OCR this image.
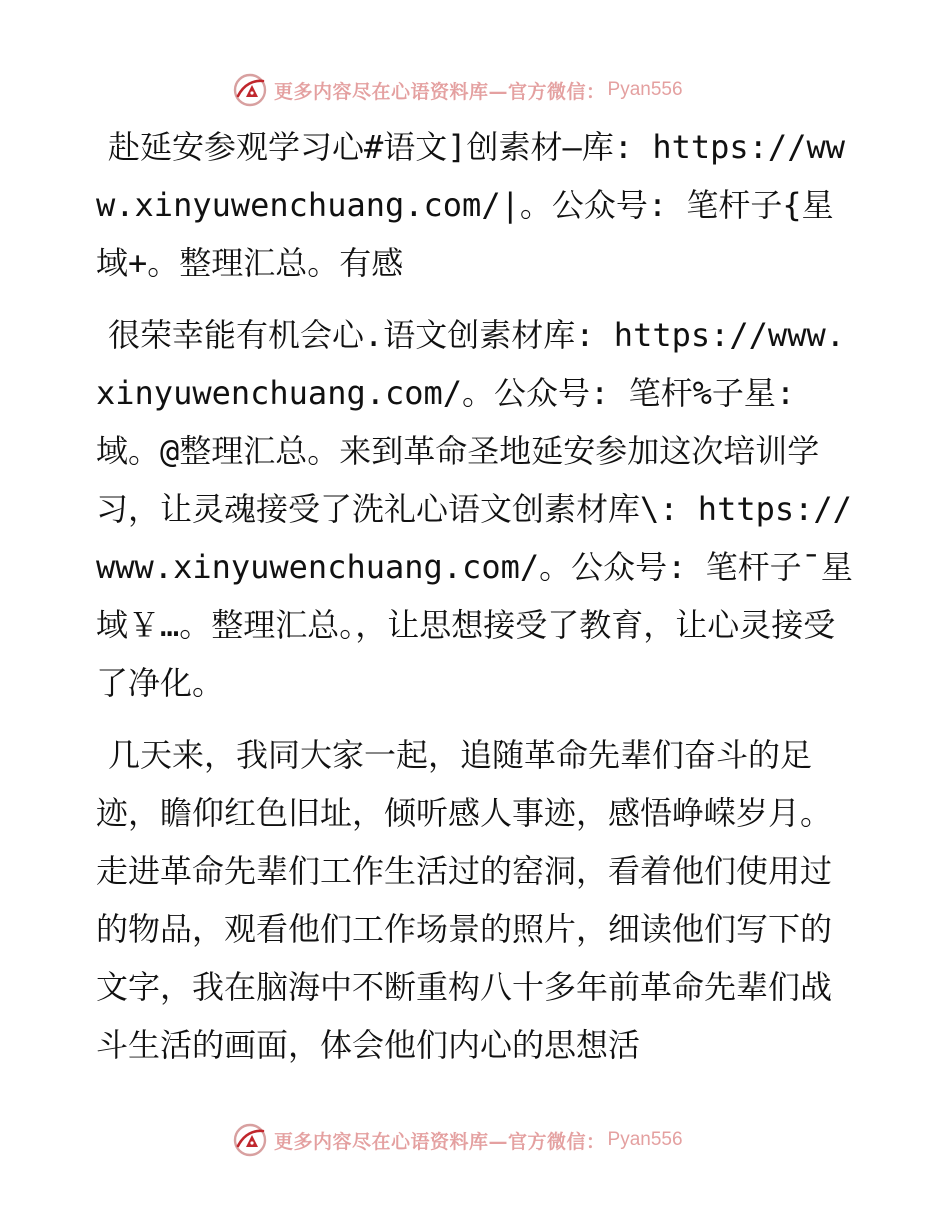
更多内容尽在心语资料库—官方微信： Pyan556

赴延安参观学习心#语文]创素材—库: https://www.xinyuwenchuang.com/|。公众号: 笔杆子{星域+。整理汇总。有感

很荣幸能有机会心.语文创素材库: https://www.xinyuwenchuang.com/。公众号: 笔杆%子星:域。@整理汇总。来到革命圣地延安参加这次培训学习，让灵魂接受了洗礼心语文创素材库\: https://www.xinyuwenchuang.com/。公众号: 笔杆子¯星域￥…。整理汇总。，让思想接受了教育，让心灵接受了净化。

几天来，我同大家一起，追随革命先辈们奋斗的足迹，瞻仰红色旧址，倾听感人事迹，感悟峥嵘岁月。走进革命先辈们工作生活过的窑洞，看着他们使用过的物品，观看他们工作场景的照片，细读他们写下的文字，我在脑海中不断重构八十多年前革命先辈们战斗生活的画面，体会他们内心的思想活

更多内容尽在心语资料库—官方微信： Pyan556
